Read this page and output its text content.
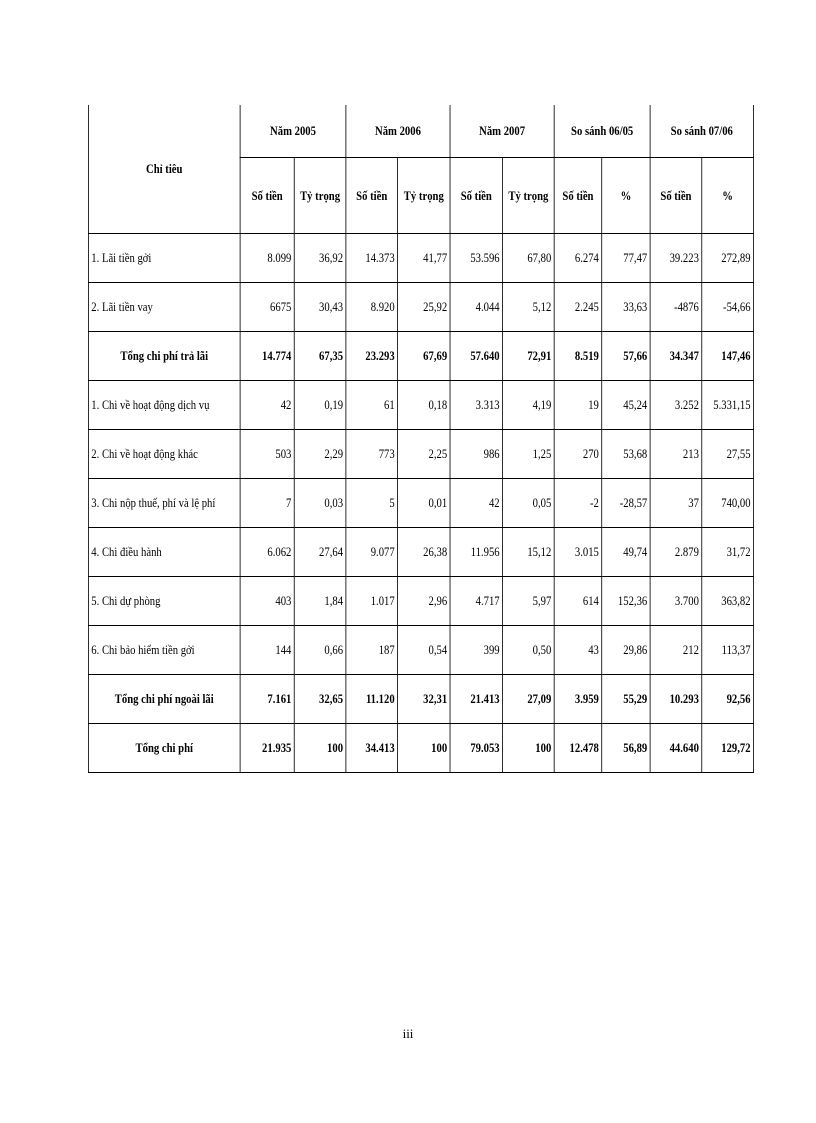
Chỉ tiêu	Năm 2005		Năm 2006		Năm 2007		So sánh 06/05		So sánh 07/06	
	Số tiền	Tỷ trọng	Số tiền	Tỷ trọng	Số tiền	Tỷ trọng	Số tiền	%	Số tiền	%
1. Lãi tiền gởi	8.099	36,92	14.373	41,77	53.596	67,80	6.274	77,47	39.223	272,89
2. Lãi tiền vay	6675	30,43	8.920	25,92	4.044	5,12	2.245	33,63	-4876	-54,66
Tổng chi phí trả lãi	14.774	67,35	23.293	67,69	57.640	72,91	8.519	57,66	34.347	147,46
1. Chi về hoạt động dịch vụ	42	0,19	61	0,18	3.313	4,19	19	45,24	3.252	5.331,15
2. Chi về hoạt động khác	503	2,29	773	2,25	986	1,25	270	53,68	213	27,55
3. Chi nộp thuế, phí và lệ phí	7	0,03	5	0,01	42	0,05	-2	-28,57	37	740,00
4. Chi điều hành	6.062	27,64	9.077	26,38	11.956	15,12	3.015	49,74	2.879	31,72
5. Chi dự phòng	403	1,84	1.017	2,96	4.717	5,97	614	152,36	3.700	363,82
6. Chi bảo hiểm tiền gởi	144	0,66	187	0,54	399	0,50	43	29,86	212	113,37
Tổng chi phí ngoài lãi	7.161	32,65	11.120	32,31	21.413	27,09	3.959	55,29	10.293	92,56
Tổng chi phí	21.935	100	34.413	100	79.053	100	12.478	56,89	44.640	129,72
iii
